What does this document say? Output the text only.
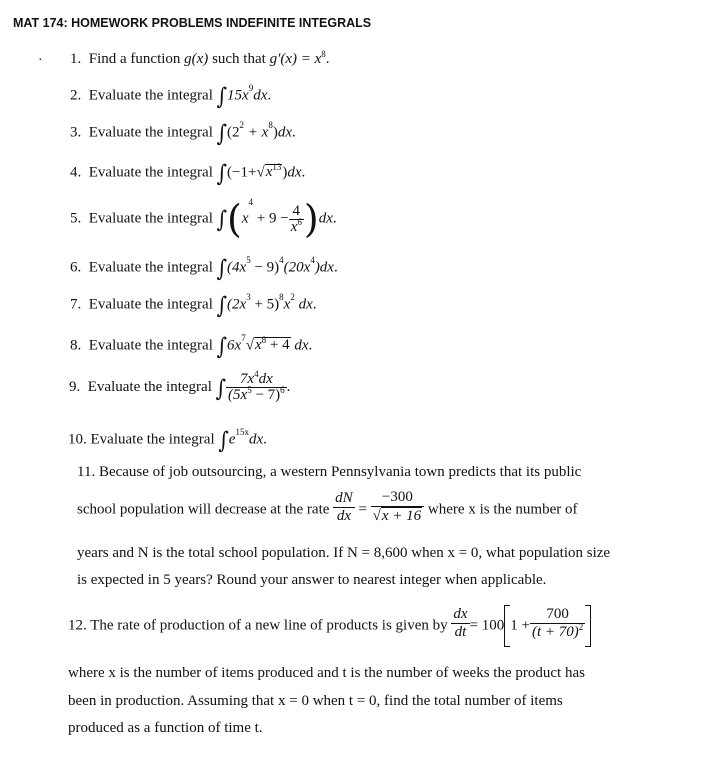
MAT 174: HOMEWORK PROBLEMS INDEFINITE INTEGRALS
· 1. Find a function g(x) such that $g'(x) = x^8$.
2. Evaluate the integral $\int 15x^9dx$.
3. Evaluate the integral $\int(2^2 + x^8)dx$.
4. Evaluate the integral $\int(-1+√x^{13})dx$.
5. Evaluate the integral $\int(x^4 + 9 - \frac{4}{x^6} )dx$.
6. Evaluate the integral $\int(4x^5 - 9)^4(20x^4)dx$.
7. Evaluate the integral $\int(2x^3 + 5)^8x^2$ dx.
8. Evaluate the integral $\int 6x^7√x^8 + 4$ dx.
9. Evaluate the integral ∫ $\frac{7x^4dx}{(5x^5 - 7)^6}$ .
10. Evaluate the integral $\int e^{15x}dx$.
11. Because of job outsourcing, a western Pennsylvania town predicts that its public
school population will decrease at the rate $\frac{dN}{dx} = \frac{-300}{√x + 16}$ where x is the number of
years and N is the total school population. If N = 8,600 when x = 0, what population size
is expected in 5 years? Round your answer to nearest integer when applicable.
12. The rate of production of a new line of products is given by $\frac{dx}{dt} = 100$ $1 + \frac{700}{(t + 70)^2}$
where x is the number of items produced and t is the number of weeks the product has
been in production. Assuming that x = 0 when t = 0, find the total number of items
produced as a function of time t.
